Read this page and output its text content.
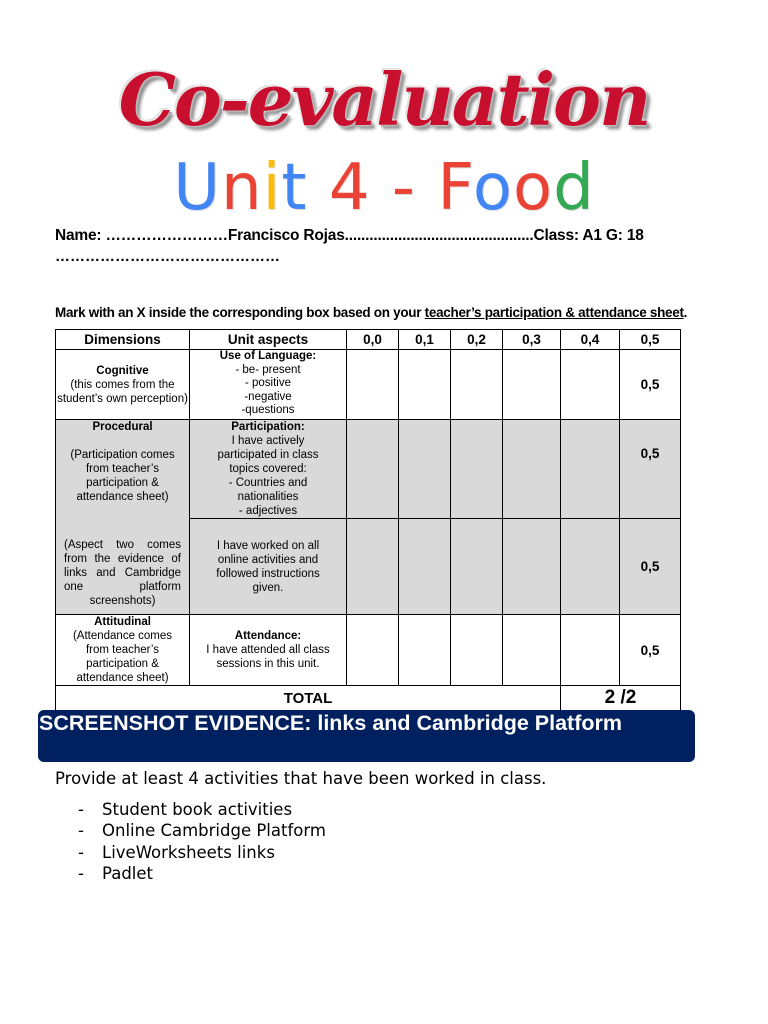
Co-evaluation
Unit 4 - Food
Name: ……………………Francisco Rojas..............................................Class: A1 G: 18
………………………………………
Mark with an X inside the corresponding box based on your teacher’s participation & attendance sheet.
Dimensions	Unit aspects	0,0	0,1	0,2	0,3	0,4	0,5
Cognitive
(this comes from the student’s own perception)	Use of Language:
- be- present
- positive
-negative
-questions						0,5
Procedural

(Participation comes from teacher’s participation & attendance sheet)
(Aspect two comes from the evidence of links and Cambridge one platform screenshots)	Participation:
I have actively participated in class topics covered:
- Countries and nationalities
- adjectives						0,5
	I have worked on all online activities and followed instructions given.						0,5
Attitudinal
(Attendance comes from teacher’s participation & attendance sheet)	Attendance:
I have attended all class sessions in this unit.						0,5
TOTAL						2 /2	
SCREENSHOT EVIDENCE: links and Cambridge Platform
Provide at least 4 activities that have been worked in class.
- Student book activities
- Online Cambridge Platform
- LiveWorksheets links
- Padlet
